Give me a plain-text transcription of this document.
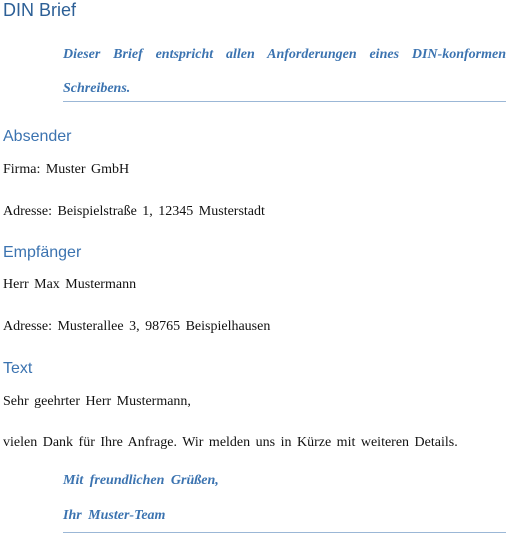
DIN Brief
Dieser Brief entspricht allen Anforderungen eines DIN-konformen Schreibens.
Absender
Firma: Muster GmbH
Adresse: Beispielstraße 1, 12345 Musterstadt
Empfänger
Herr Max Mustermann
Adresse: Musterallee 3, 98765 Beispielhausen
Text
Sehr geehrter Herr Mustermann,
vielen Dank für Ihre Anfrage. Wir melden uns in Kürze mit weiteren Details.
Mit freundlichen Grüßen,
Ihr Muster-Team
